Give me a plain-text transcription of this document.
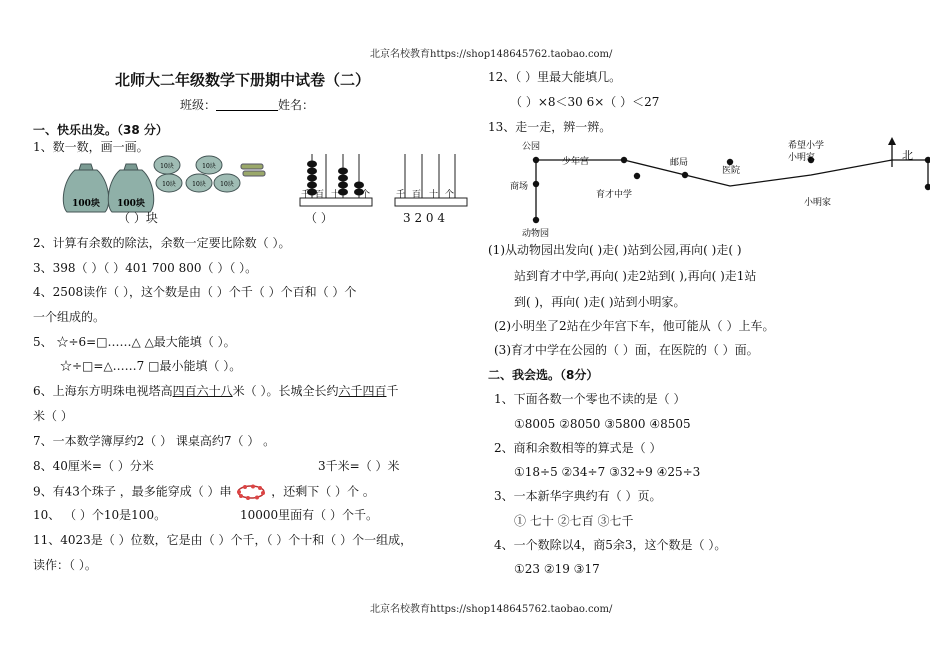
北京名校教育https://shop148645762.taobao.com/
北京名校教育https://shop148645762.taobao.com/
北师大二年级数学下册期中试卷（二）
班级：	姓名：
一、快乐出发。（38 分）
1、数一数，画一画。
100块 100块
10块	10块
10块	10块 10块
（ ）块
千 百 十 个
（ ）
千 百 十 个
3 2 0 4
2、计算有余数的除法，余数一定要比除数（ ）。
3、398（ ）（ ）401 700 800（ ）（ ）。
4、2508读作（ ），这个数是由（ ）个千（ ）个百和（ ）个
一个组成的。
5、 ☆÷6=□……△ △最大能填（ ）。
☆÷□=△……7 □最小能填（ ）。
6、上海东方明珠电视塔高四百六十八米（ ）。长城全长约六千四百千
米（ ）
7、一本数学簿厚约2（ ） 课桌高约7（ ） 。
8、40厘米=（ ）分米	3千米=（ ）米
9、有43个珠子 ，最多能穿成（ ）串	，还剩下（ ）个 。
10、 （ ）个10是100。	10000里面有（ ）个千。
11、4023是（ ）位数，它是由（ ）个千，（ ）个十和（ ）个一组成，
读作：（ ）。
12、（ ）里最大能填几。
（ ）×8＜30 6×（ ）＜27
13、走一走，辨一辨。
公园
少年宫	邮局
希望小学
小明家
商场
育才中学
医院
小明家
动物园
北
(1)从动物园出发向( )走( )站到公园,再向( )走( )
站到育才中学,再向( )走2站到( ),再向( )走1站
到( )，再向( )走( )站到小明家。
(2)小明坐了2站在少年宫下车，他可能从（ ）上车。
(3)育才中学在公园的（ ）面，在医院的（ ）面。
二、我会选。（8分）
1、下面各数一个零也不读的是（ ）
①8005 ②8050 ③5800 ④8505
2、商和余数相等的算式是（ ）
①18÷5 ②34÷7 ③32÷9 ④25÷3
3、一本新华字典约有（ ）页。
① 七十 ②七百 ③七千
4、一个数除以4，商5余3，这个数是（ ）。
①23 ②19 ③17
